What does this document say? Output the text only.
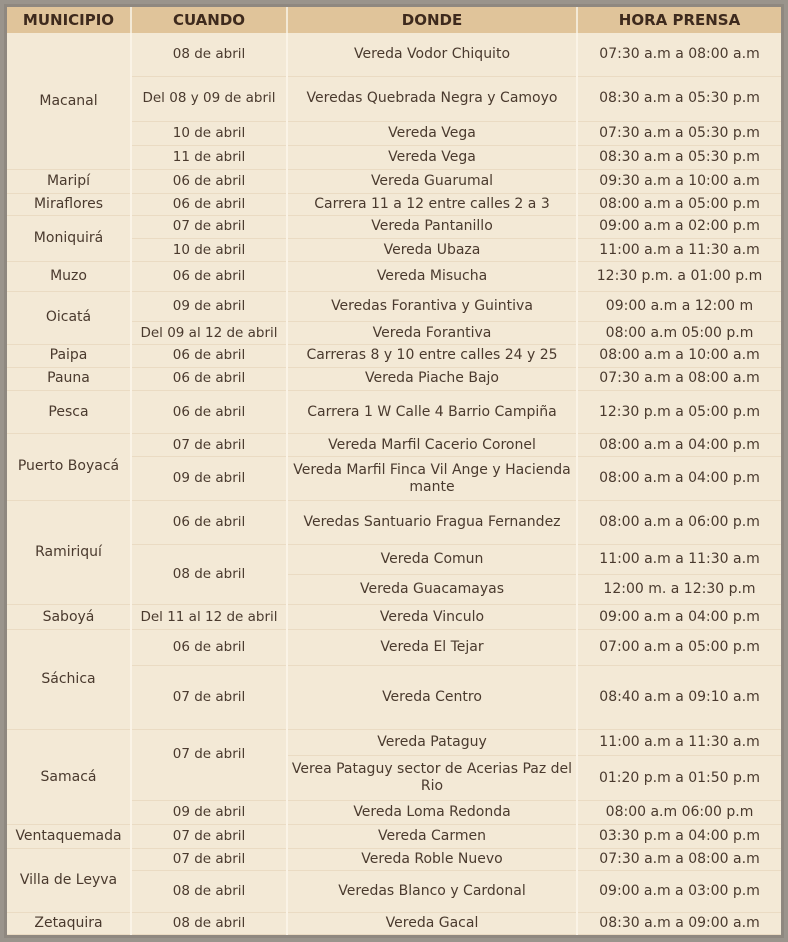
MUNICIPIO	CUANDO	DONDE	HORA PRENSA
Macanal	08 de abril	Vereda Vodor Chiquito	07:30 a.m a 08:00 a.m
	Del 08 y 09 de abril	Veredas Quebrada Negra y Camoyo	08:30 a.m a 05:30 p.m
	10 de abril	Vereda Vega	07:30 a.m a 05:30 p.m
	11 de abril	Vereda Vega	08:30 a.m a 05:30 p.m
Maripí	06 de abril	Vereda Guarumal	09:30 a.m a 10:00 a.m
Miraflores	06 de abril	Carrera 11 a 12 entre calles 2 a 3	08:00 a.m a 05:00 p.m
Moniquirá	07 de abril	Vereda Pantanillo	09:00 a.m a 02:00 p.m
	10 de abril	Vereda Ubaza	11:00 a.m a 11:30 a.m
Muzo	06 de abril	Vereda Misucha	12:30 p.m. a 01:00 p.m
Oicatá	09 de abril	Veredas Forantiva y Guintiva	09:00 a.m a 12:00 m
	Del 09 al 12 de abril	Vereda Forantiva	08:00 a.m 05:00 p.m
Paipa	06 de abril	Carreras 8 y 10 entre calles 24 y 25	08:00 a.m a 10:00 a.m
Pauna	06 de abril	Vereda Piache Bajo	07:30 a.m a 08:00 a.m
Pesca	06 de abril	Carrera 1 W Calle 4 Barrio Campiña	12:30 p.m a 05:00 p.m
Puerto Boyacá	07 de abril	Vereda Marfil Cacerio Coronel	08:00 a.m a 04:00 p.m
	09 de abril	Vereda Marfil Finca Vil Ange y Hacienda mante	08:00 a.m a 04:00 p.m
Ramiriquí	06 de abril	Veredas Santuario Fragua Fernandez	08:00 a.m a 06:00 p.m
	08 de abril	Vereda Comun	11:00 a.m a 11:30 a.m
		Vereda Guacamayas	12:00 m. a 12:30 p.m
Saboyá	Del 11 al 12 de abril	Vereda Vinculo	09:00 a.m a 04:00 p.m
Sáchica	06 de abril	Vereda El Tejar	07:00 a.m a 05:00 p.m
	07 de abril	Vereda Centro	08:40 a.m a 09:10 a.m
Samacá	07 de abril	Vereda Pataguy	11:00 a.m a 11:30 a.m
		Verea Pataguy sector de Acerias Paz del Rio	01:20 p.m a 01:50 p.m
	09 de abril	Vereda Loma Redonda	08:00 a.m 06:00 p.m
Ventaquemada	07 de abril	Vereda Carmen	03:30 p.m a 04:00 p.m
Villa de Leyva	07 de abril	Vereda Roble Nuevo	07:30 a.m a 08:00 a.m
	08 de abril	Veredas Blanco y Cardonal	09:00 a.m a 03:00 p.m
Zetaquira	08 de abril	Vereda Gacal	08:30 a.m a 09:00 a.m
